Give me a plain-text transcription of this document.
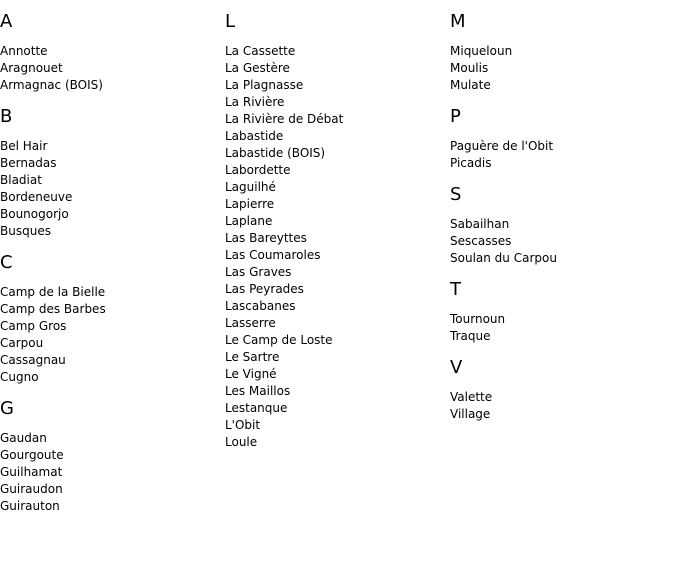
A
Annotte
Aragnouet
Armagnac (BOIS)
B
Bel Hair
Bernadas
Bladiat
Bordeneuve
Bounogorjo
Busques
C
Camp de la Bielle
Camp des Barbes
Camp Gros
Carpou
Cassagnau
Cugno
G
Gaudan
Gourgoute
Guilhamat
Guiraudon
Guirauton
L
La Cassette
La Gestère
La Plagnasse
La Rivière
La Rivière de Débat
Labastide
Labastide (BOIS)
Labordette
Laguilhé
Lapierre
Laplane
Las Bareyttes
Las Coumaroles
Las Graves
Las Peyrades
Lascabanes
Lasserre
Le Camp de Loste
Le Sartre
Le Vigné
Les Maillos
Lestanque
L'Obit
Loule
M
Miqueloun
Moulis
Mulate
P
Paguère de l'Obit
Picadis
S
Sabailhan
Sescasses
Soulan du Carpou
T
Tournoun
Traque
V
Valette
Village
